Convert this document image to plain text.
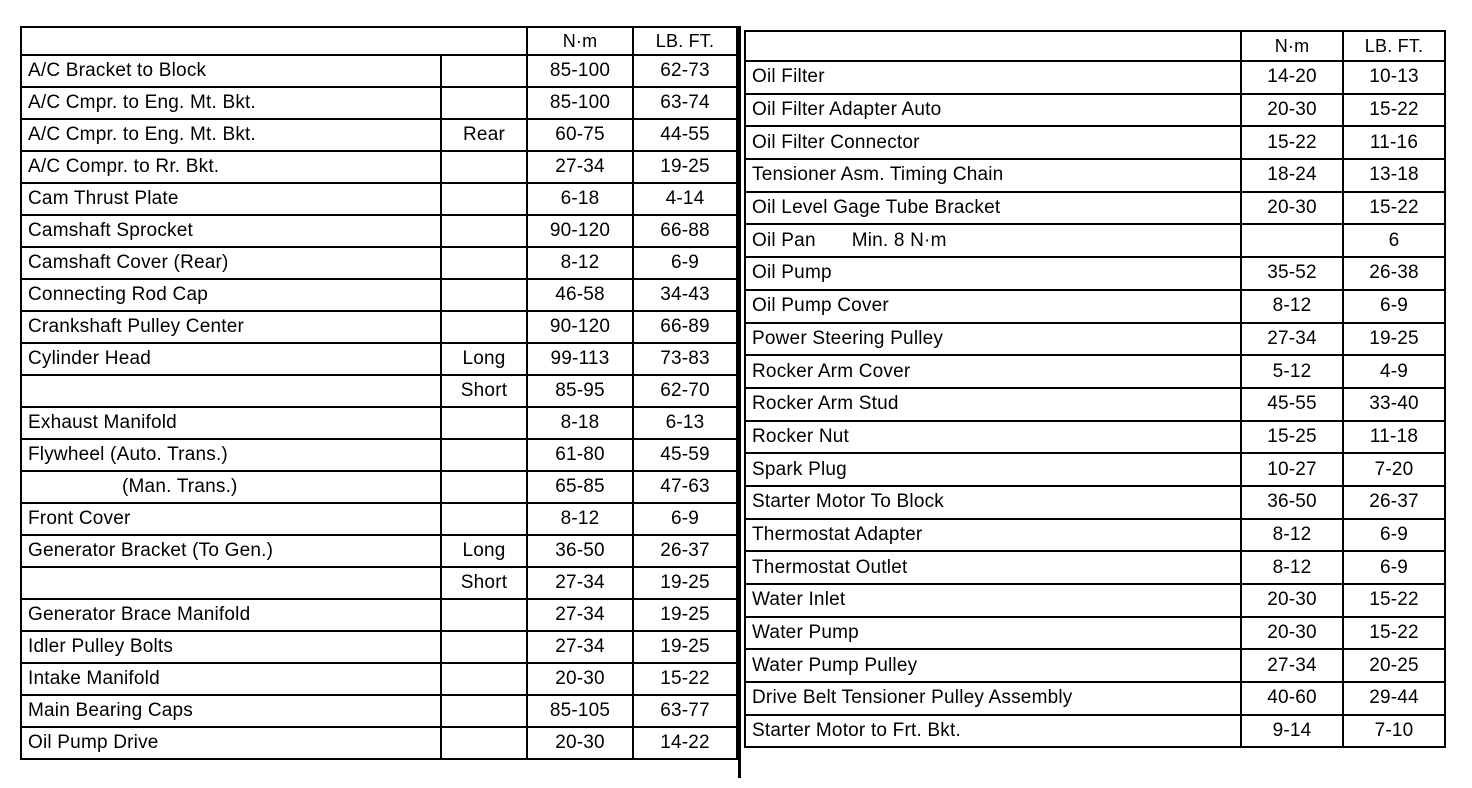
		N·m	LB. FT.
A/C Bracket to Block		85-100	62-73
A/C Cmpr. to Eng. Mt. Bkt.		85-100	63-74
A/C Cmpr. to Eng. Mt. Bkt.	Rear	60-75	44-55
A/C Compr. to Rr. Bkt.		27-34	19-25
Cam Thrust Plate		6-18	4-14
Camshaft Sprocket		90-120	66-88
Camshaft Cover (Rear)		8-12	6-9
Connecting Rod Cap		46-58	34-43
Crankshaft Pulley Center		90-120	66-89
Cylinder Head	Long	99-113	73-83
	Short	85-95	62-70
Exhaust Manifold		8-18	6-13
Flywheel (Auto. Trans.)		61-80	45-59
(Man. Trans.)		65-85	47-63
Front Cover		8-12	6-9
Generator Bracket (To Gen.)	Long	36-50	26-37
	Short	27-34	19-25
Generator Brace Manifold		27-34	19-25
Idler Pulley Bolts		27-34	19-25
Intake Manifold		20-30	15-22
Main Bearing Caps		85-105	63-77
Oil Pump Drive		20-30	14-22
	N·m	LB. FT.
Oil Filter	14-20	10-13
Oil Filter Adapter Auto	20-30	15-22
Oil Filter Connector	15-22	11-16
Tensioner Asm. Timing Chain	18-24	13-18
Oil Level Gage Tube Bracket	20-30	15-22
Oil Pan Min. 8 N·m		6
Oil Pump	35-52	26-38
Oil Pump Cover	8-12	6-9
Power Steering Pulley	27-34	19-25
Rocker Arm Cover	5-12	4-9
Rocker Arm Stud	45-55	33-40
Rocker Nut	15-25	11-18
Spark Plug	10-27	7-20
Starter Motor To Block	36-50	26-37
Thermostat Adapter	8-12	6-9
Thermostat Outlet	8-12	6-9
Water Inlet	20-30	15-22
Water Pump	20-30	15-22
Water Pump Pulley	27-34	20-25
Drive Belt Tensioner Pulley Assembly	40-60	29-44
Starter Motor to Frt. Bkt.	9-14	7-10
